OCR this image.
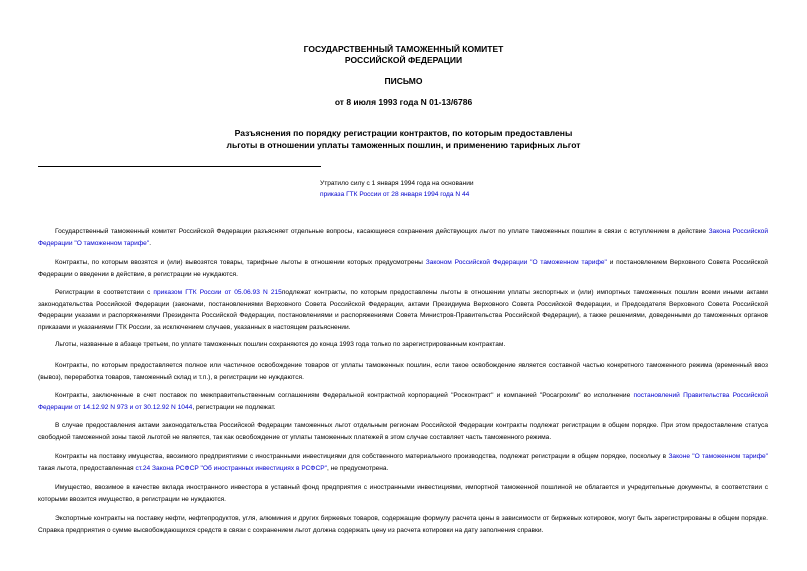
ГОСУДАРСТВЕННЫЙ ТАМОЖЕННЫЙ КОМИТЕТ
РОССИЙСКОЙ ФЕДЕРАЦИИ
ПИСЬМО
от 8 июля 1993 года N 01-13/6786
Разъяснения по порядку регистрации контрактов, по которым предоставлены
льготы в отношении уплаты таможенных пошлин, и применению тарифных льгот
Утратило силу с 1 января 1994 года на основании
приказа ГТК России от 28 января 1994 года N 44

Государственный таможенный комитет Российской Федерации разъясняет отдельные вопросы, касающиеся сохранения действующих льгот по уплате таможенных пошлин в связи с вступлением в действие Закона Российской Федерации "О таможенном тарифе".

Контракты, по которым ввозятся и (или) вывозятся товары, тарифные льготы в отношении которых предусмотрены Законом Российской Федерации "О таможенном тарифе" и постановлением Верховного Совета Российской Федерации о введении в действие, в регистрации не нуждаются.

Регистрации в соответствии с приказом ГТК России от 05.06.93 N 215подлежат контракты, по которым предоставлены льготы в отношении уплаты экспортных и (или) импортных таможенных пошлин всеми иными актами законодательства Российской Федерации (законами, постановлениями Верховного Совета Российской Федерации, актами Президиума Верховного Совета Российской Федерации, и Председателя Верховного Совета Российской Федерации указами и распоряжениями Президента Российской Федерации, постановлениями и распоряжениями Совета Министров-Правительства Российской Федерации), а также решениями, доведенными до таможенных органов приказами и указаниями ГТК России, за исключением случаев, указанных в настоящем разъяснении.

Льготы, названные в абзаце третьем, по уплате таможенных пошлин сохраняются до конца 1993 года только по зарегистрированным контрактам.

Контракты, по которым предоставляется полное или частичное освобождение товаров от уплаты таможенных пошлин, если такое освобождение является составной частью конкретного таможенного режима (временный ввоз (вывоз), переработка товаров, таможенный склад и т.п.), в регистрации не нуждаются.

Контракты, заключенные в счет поставок по межправительственным соглашениям Федеральной контрактной корпорацией "Росконтракт" и компанией "Росагрохим" во исполнение постановлений Правительства Российской Федерации от 14.12.92 N 973 и от 30.12.92 N 1044, регистрации не подлежат.

В случае предоставления актами законодательства Российской Федерации таможенных льгот отдельным регионам Российской Федерации контракты подлежат регистрации в общем порядке. При этом предоставление статуса свободной таможенной зоны такой льготой не является, так как освобождение от уплаты таможенных платежей в этом случае составляет часть таможенного режима.

Контракты на поставку имущества, ввозимого предприятиями с иностранными инвестициями для собственного материального производства, подлежат регистрации в общем порядке, поскольку в Законе "О таможенном тарифе" такая льгота, предоставленная ст.24 Закона РСФСР "Об иностранных инвестициях в РСФСР", не предусмотрена.

Имущество, ввозимое в качестве вклада иностранного инвестора в уставный фонд предприятия с иностранными инвестициями, импортной таможенной пошлиной не облагается и учредительные документы, в соответствии с которыми ввозится имущество, в регистрации не нуждаются.

Экспортные контракты на поставку нефти, нефтепродуктов, угля, алюминия и других биржевых товаров, содержащие формулу расчета цены в зависимости от биржевых котировок, могут быть зарегистрированы в общем порядке. Справка предприятия о сумме высвобождающихся средств в связи с сохранением льгот должна содержать цену из расчета котировки на дату заполнения справки.
